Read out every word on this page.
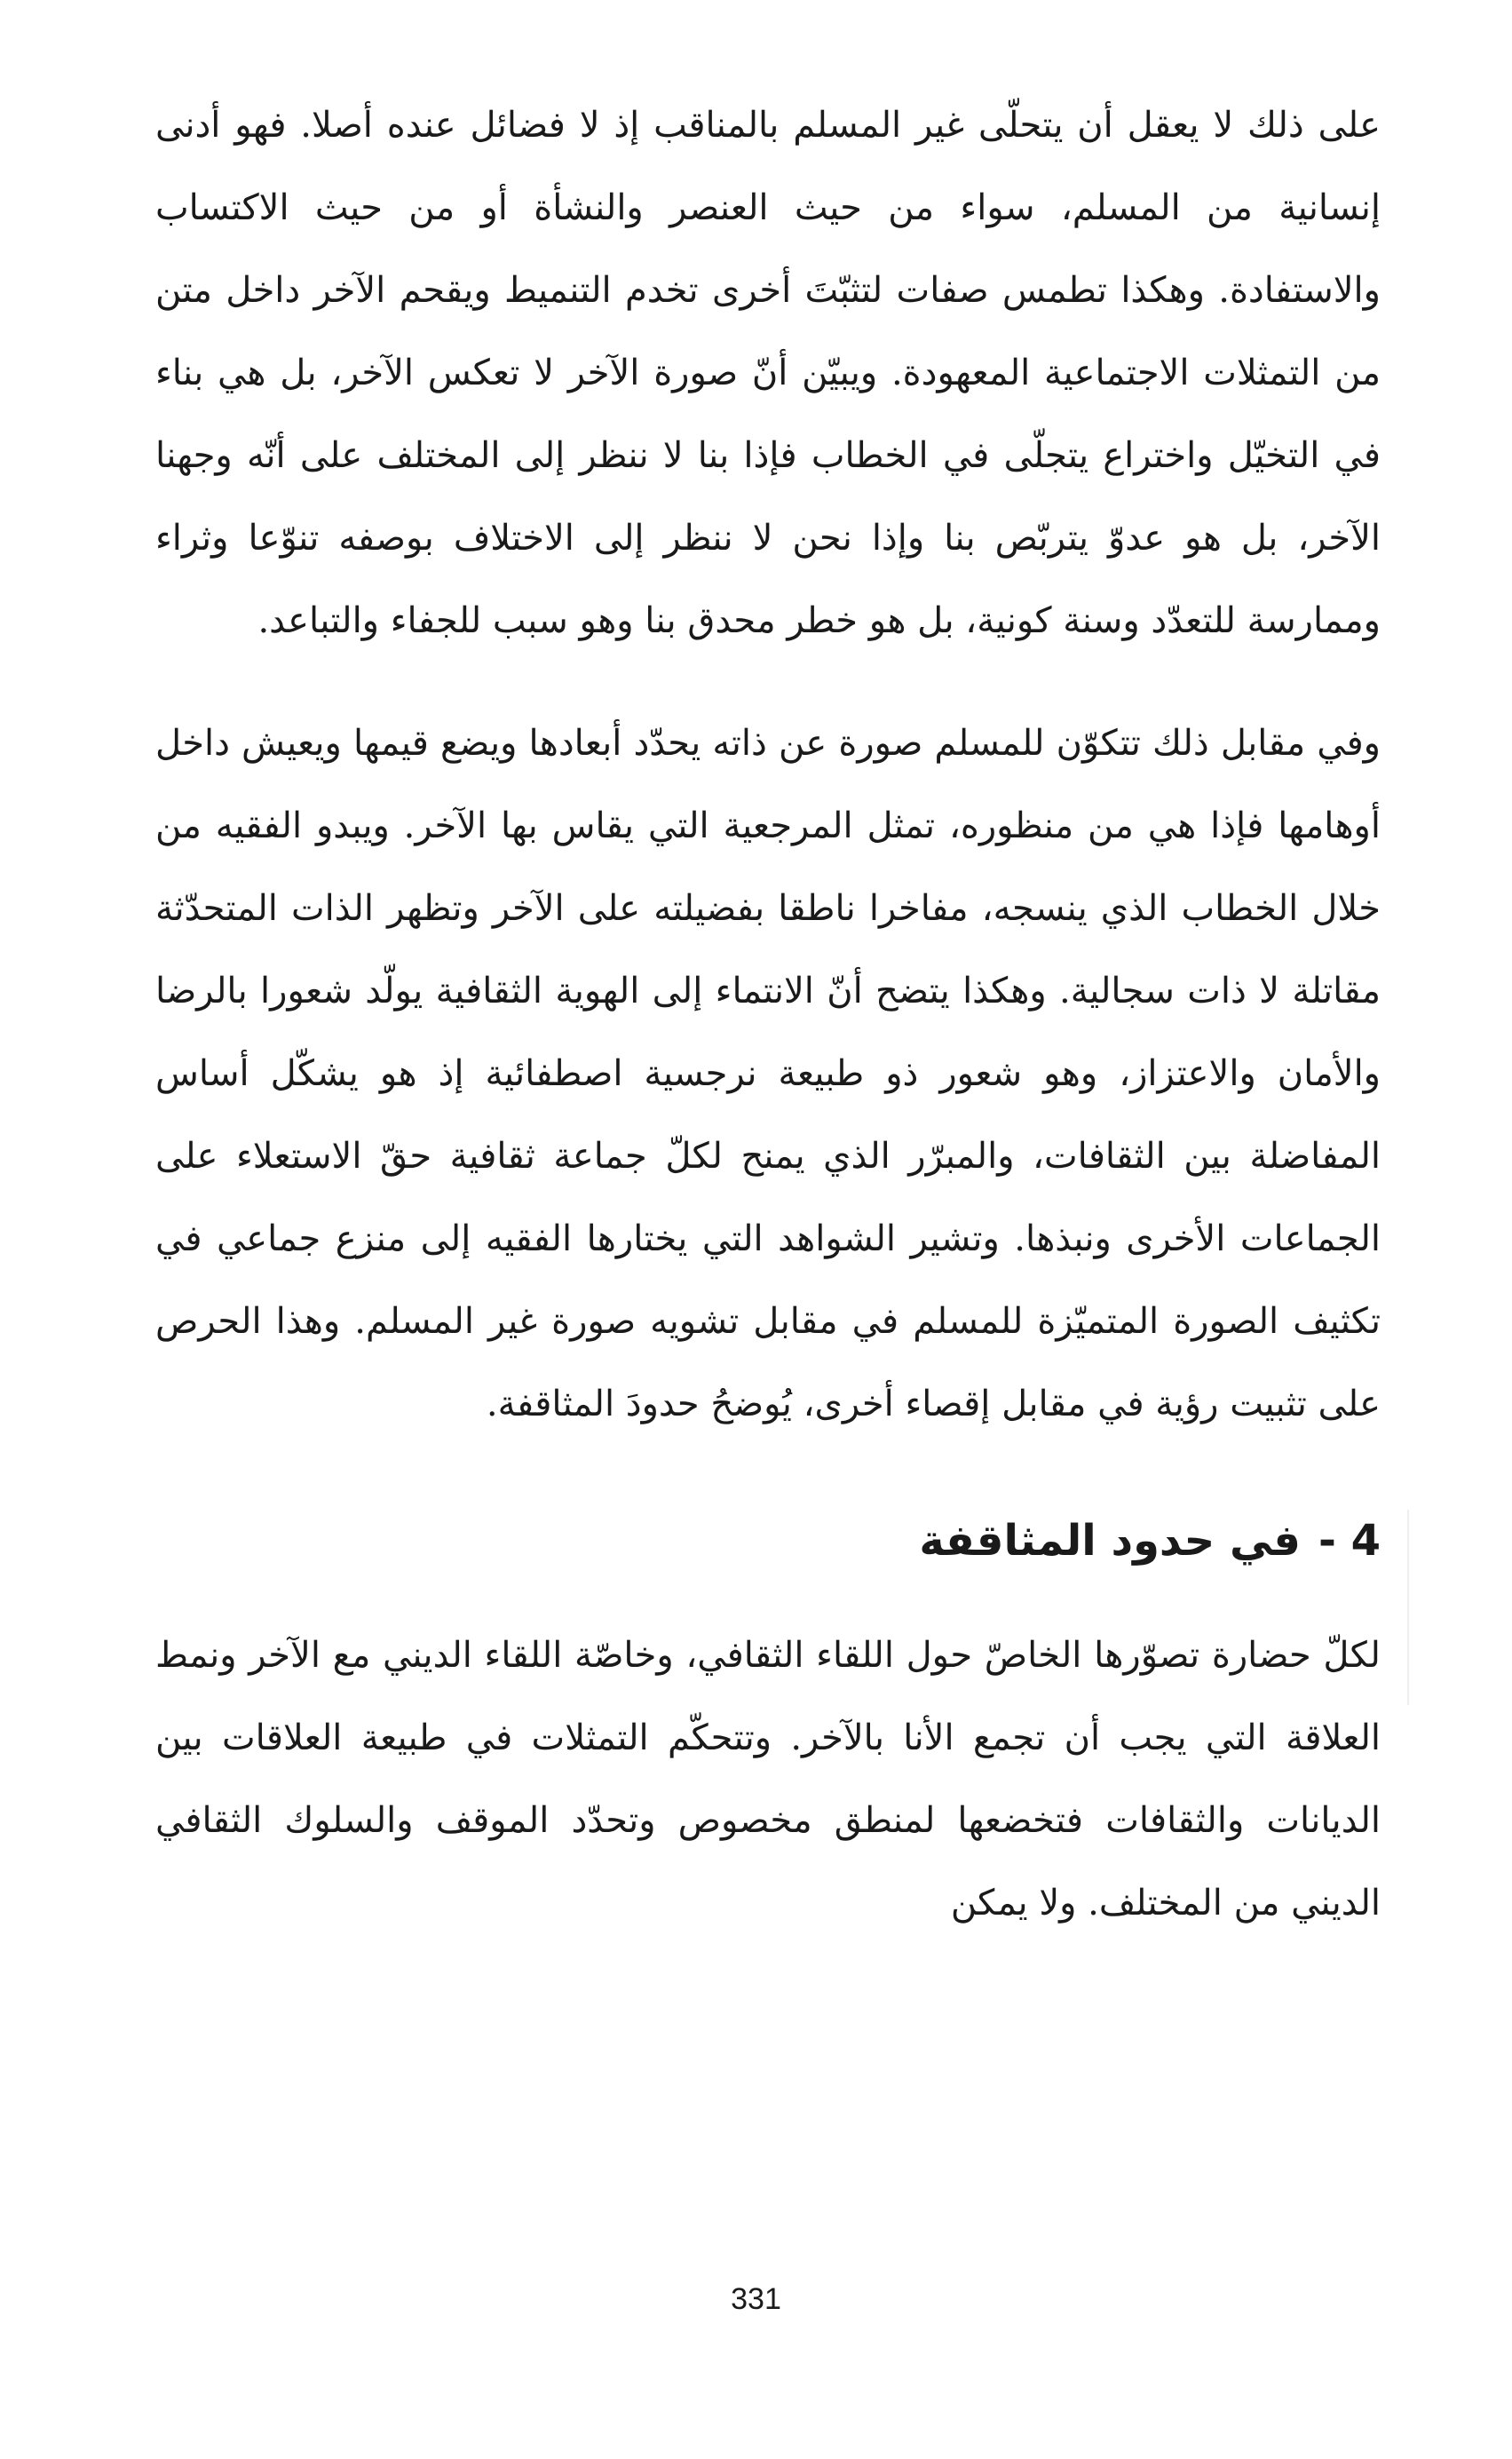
على ذلك لا يعقل أن يتحلّى غير المسلم بالمناقب إذ لا فضائل عنده أصلا. فهو أدنى إنسانية من المسلم، سواء من حيث العنصر والنشأة أو من حيث الاكتساب والاستفادة. وهكذا تطمس صفات لتثبّتَ أخرى تخدم التنميط ويقحم الآخر داخل متن من التمثلات الاجتماعية المعهودة. ويبيّن أنّ صورة الآخر لا تعكس الآخر، بل هي بناء في التخيّل واختراع يتجلّى في الخطاب فإذا بنا لا ننظر إلى المختلف على أنّه وجهنا الآخر، بل هو عدوّ يتربّص بنا وإذا نحن لا ننظر إلى الاختلاف بوصفه تنوّعا وثراء وممارسة للتعدّد وسنة كونية، بل هو خطر محدق بنا وهو سبب للجفاء والتباعد.

وفي مقابل ذلك تتكوّن للمسلم صورة عن ذاته يحدّد أبعادها ويضع قيمها ويعيش داخل أوهامها فإذا هي من منظوره، تمثل المرجعية التي يقاس بها الآخر. ويبدو الفقيه من خلال الخطاب الذي ينسجه، مفاخرا ناطقا بفضيلته على الآخر وتظهر الذات المتحدّثة مقاتلة لا ذات سجالية. وهكذا يتضح أنّ الانتماء إلى الهوية الثقافية يولّد شعورا بالرضا والأمان والاعتزاز، وهو شعور ذو طبيعة نرجسية اصطفائية إذ هو يشكّل أساس المفاضلة بين الثقافات، والمبرّر الذي يمنح لكلّ جماعة ثقافية حقّ الاستعلاء على الجماعات الأخرى ونبذها. وتشير الشواهد التي يختارها الفقيه إلى منزع جماعي في تكثيف الصورة المتميّزة للمسلم في مقابل تشويه صورة غير المسلم. وهذا الحرص على تثبيت رؤية في مقابل إقصاء أخرى، يُوضحُ حدودَ المثاقفة.

4 -في حدود المثاقفة

لكلّ حضارة تصوّرها الخاصّ حول اللقاء الثقافي، وخاصّة اللقاء الديني مع الآخر ونمط العلاقة التي يجب أن تجمع الأنا بالآخر. وتتحكّم التمثلات في طبيعة العلاقات بين الديانات والثقافات فتخضعها لمنطق مخصوص وتحدّد الموقف والسلوك الثقافي الديني من المختلف. ولا يمكن

331
